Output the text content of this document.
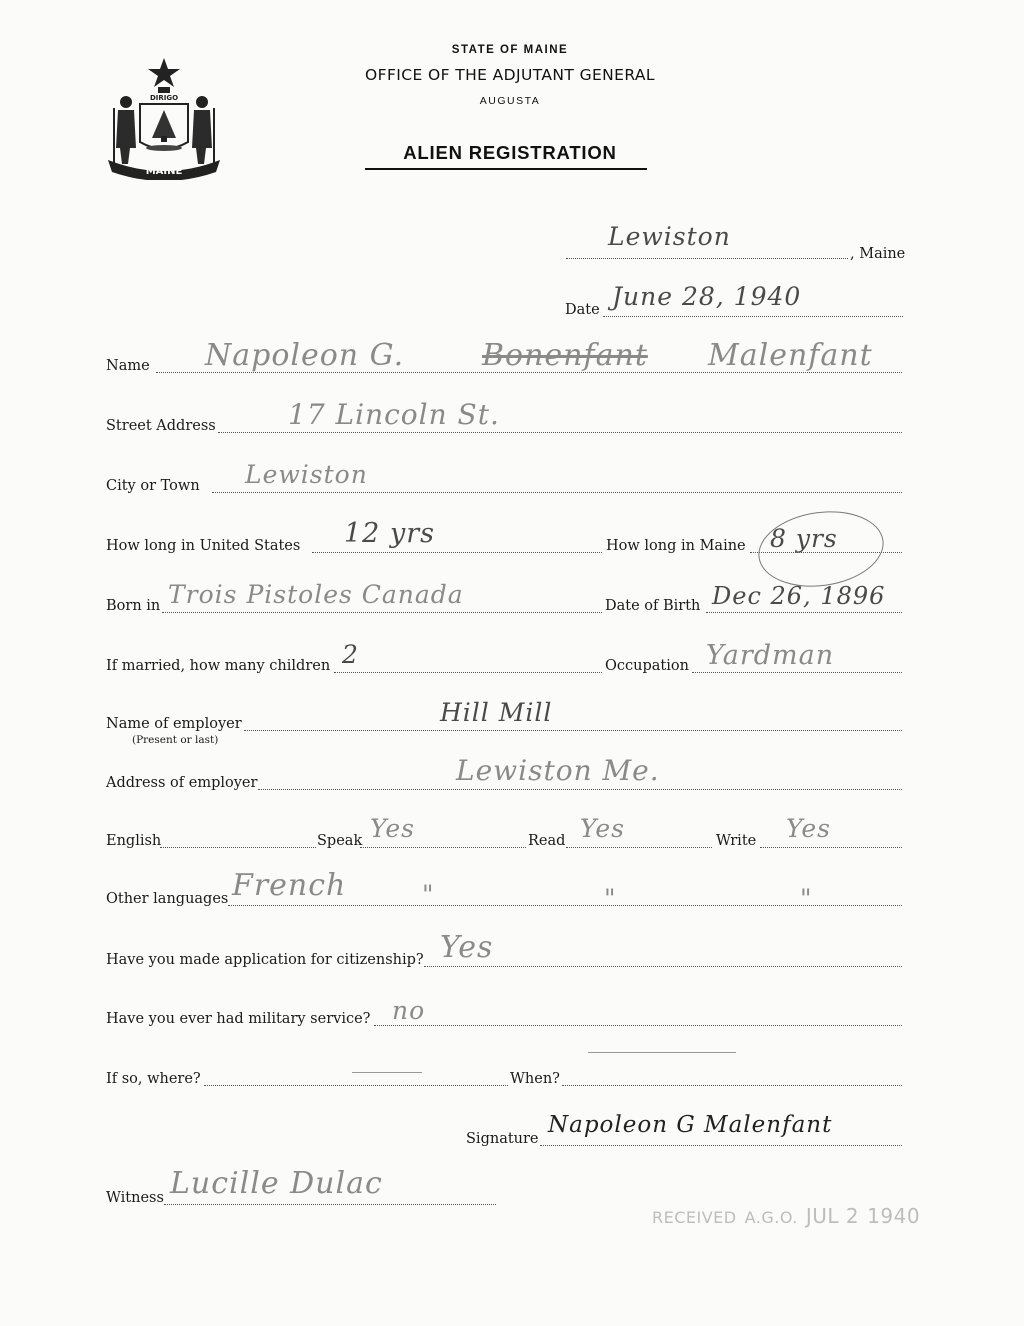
DIRIGO
MAINE
STATE OF MAINE
OFFICE OF THE ADJUTANT GENERAL
AUGUSTA
ALIEN REGISTRATION
Lewiston
, Maine
Date June 28, 1940
Name Napoleon G.	Bonenfant Malenfant
Street Address	17 Lincoln St.
City or Town Lewiston
How long in United States 12 yrs	How long in Maine 8 yrs
Born in Trois Pistoles Canada	Date of Birth Dec 26, 1896
If married, how many children 2	Occupation Yardman
Name of employer
(Present or last)
Hill Mill
Address of employer	Lewiston Me.
English	Speak Yes	Read Yes	Write Yes
Other languages French	"	"	"
Have you made application for citizenship? Yes
Have you ever had military service? no
If so, where?	When?
Signature
Napoleon G Malenfant
Witness Lucille Dulac
RECEIVED A.G.O. JUL 2 1940
